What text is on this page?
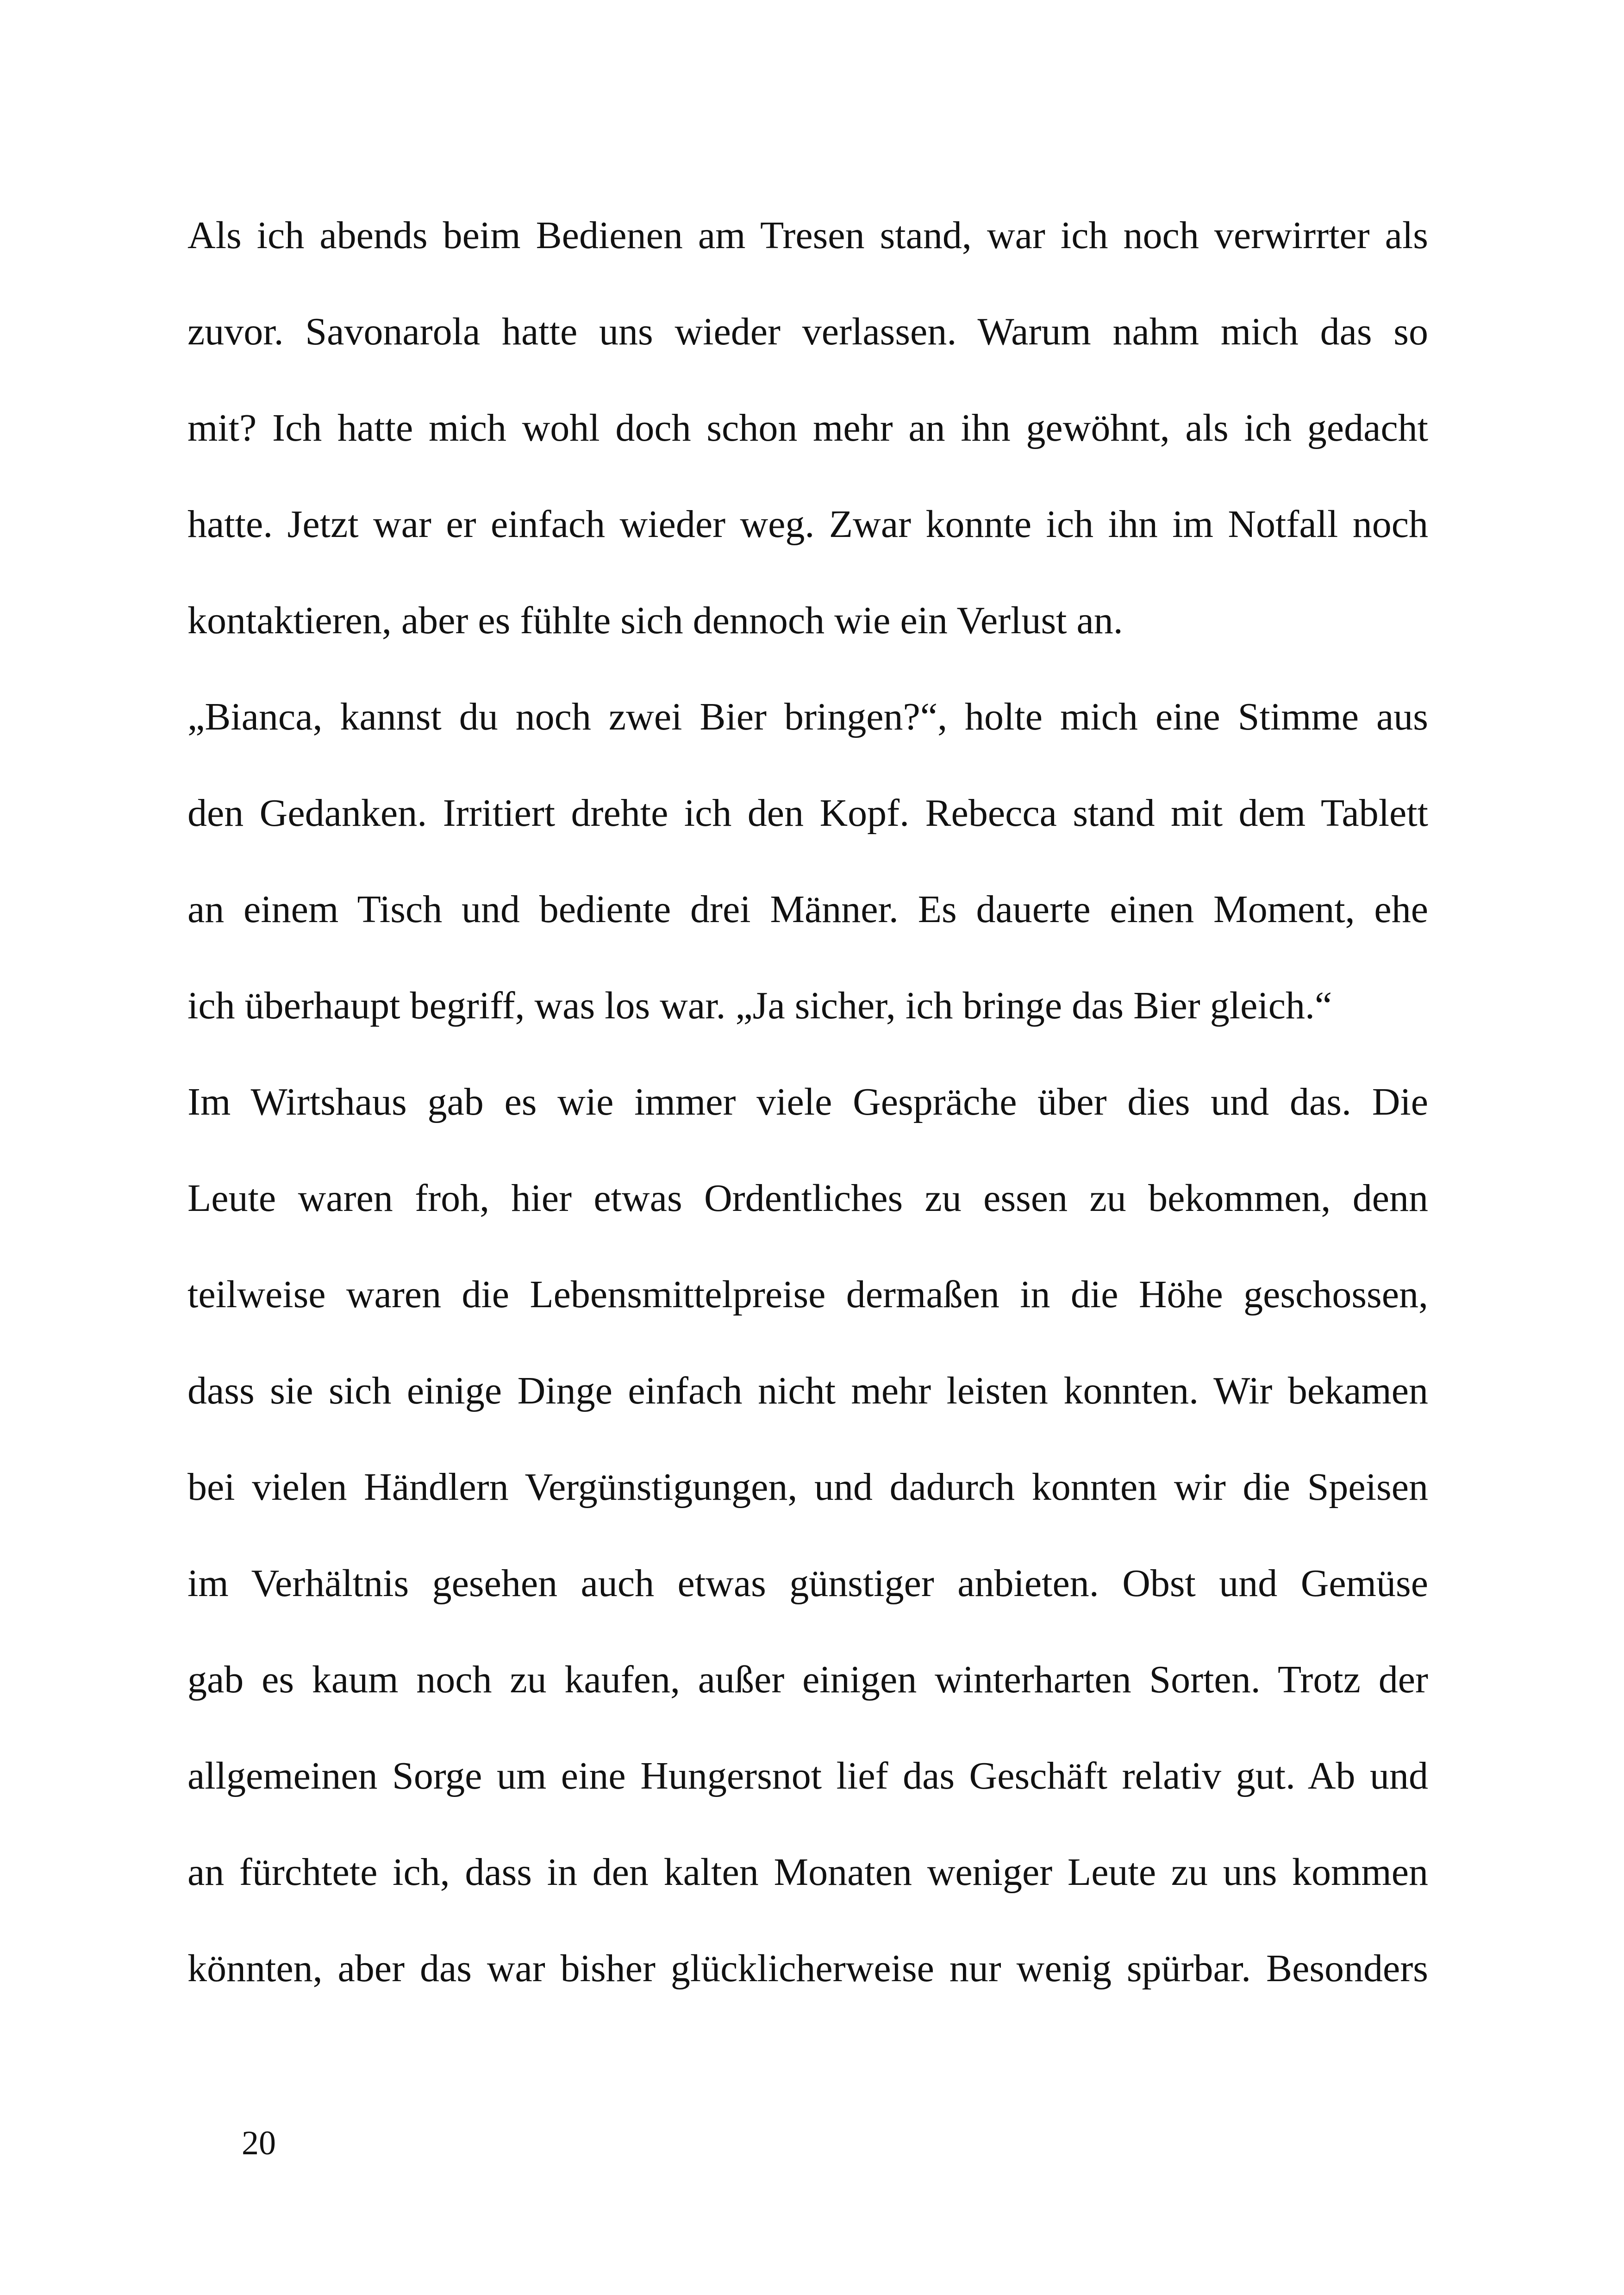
Als ich abends beim Bedienen am Tresen stand, war ich noch verwirrter als
zuvor. Savonarola hatte uns wieder verlassen. Warum nahm mich das so
mit? Ich hatte mich wohl doch schon mehr an ihn gewöhnt, als ich gedacht
hatte. Jetzt war er einfach wieder weg. Zwar konnte ich ihn im Notfall noch
kontaktieren, aber es fühlte sich dennoch wie ein Verlust an.
„Bianca, kannst du noch zwei Bier bringen?“, holte mich eine Stimme aus
den Gedanken. Irritiert drehte ich den Kopf. Rebecca stand mit dem Tablett
an einem Tisch und bediente drei Männer. Es dauerte einen Moment, ehe
ich überhaupt begriff, was los war. „Ja sicher, ich bringe das Bier gleich.“
Im Wirtshaus gab es wie immer viele Gespräche über dies und das. Die
Leute waren froh, hier etwas Ordentliches zu essen zu bekommen, denn
teilweise waren die Lebensmittelpreise dermaßen in die Höhe geschossen,
dass sie sich einige Dinge einfach nicht mehr leisten konnten. Wir bekamen
bei vielen Händlern Vergünstigungen, und dadurch konnten wir die Speisen
im Verhältnis gesehen auch etwas günstiger anbieten. Obst und Gemüse
gab es kaum noch zu kaufen, außer einigen winterharten Sorten. Trotz der
allgemeinen Sorge um eine Hungersnot lief das Geschäft relativ gut. Ab und
an fürchtete ich, dass in den kalten Monaten weniger Leute zu uns kommen
könnten, aber das war bisher glücklicherweise nur wenig spürbar. Besonders
20
